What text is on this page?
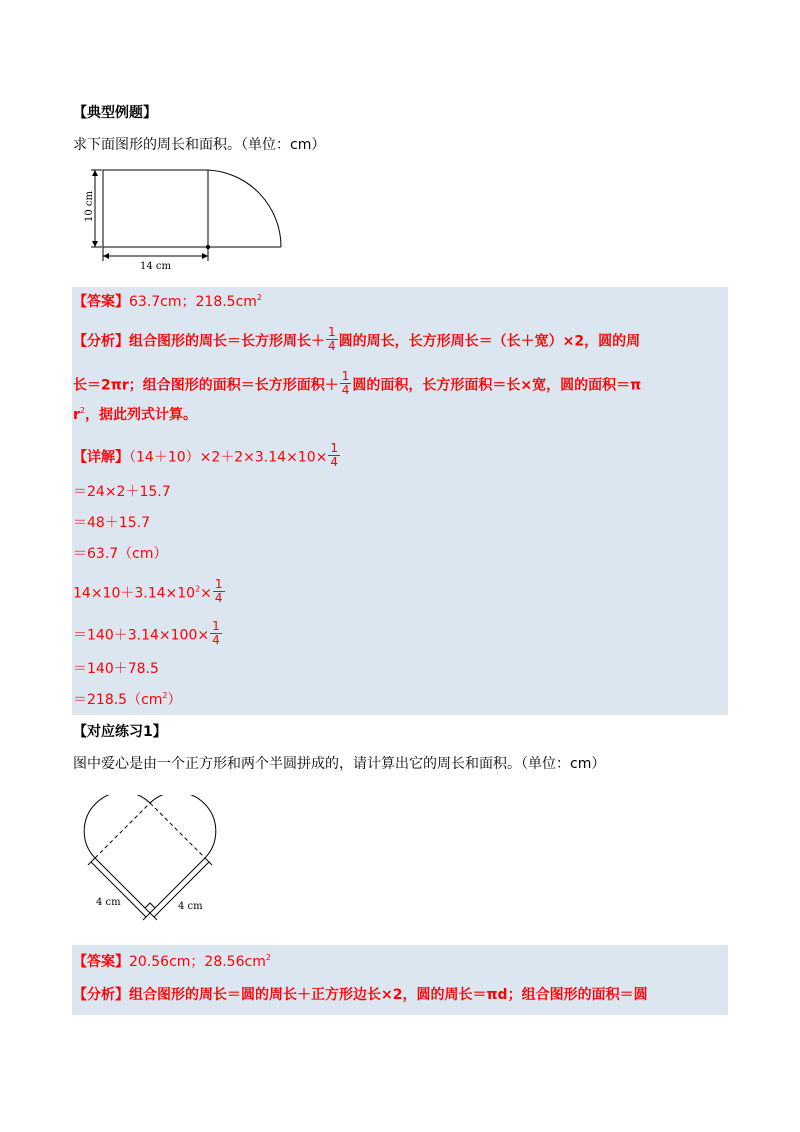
【典型例题】
求下面图形的周长和面积。（单位：cm）
10 cm
14 cm
【答案】63.7cm；$218.5cm^2$
【分析】组合图形的周长＝长方形周长＋ $\frac{1}{4}$ 圆的周长，长方形周长＝（长＋宽）×2，圆的周
长＝2πr；组合图形的面积＝长方形面积＋ $\frac{1}{4}$ 圆的面积，长方形面积＝长×宽，圆的面积＝π
$r^2$，据此列式计算。
【详解】$(14+10)\times 2+2\times 3.14\times 10\times \frac{1}{4}$
＝24×2＋15.7
＝48＋15.7
＝63.7（cm）
$14\times 10+3.14\times 10^2\times \frac{1}{4}$
$=140+3.14\times 100\times \frac{1}{4}$
＝140＋78.5
$=218.5(cm^2)$
【对应练习1】
图中爱心是由一个正方形和两个半圆拼成的，请计算出它的周长和面积。（单位：cm）
4 cm	4 cm
【答案】20.56cm；$28.56cm^2$
【分析】组合图形的周长＝圆的周长＋正方形边长×2，圆的周长＝πd；组合图形的面积＝圆
